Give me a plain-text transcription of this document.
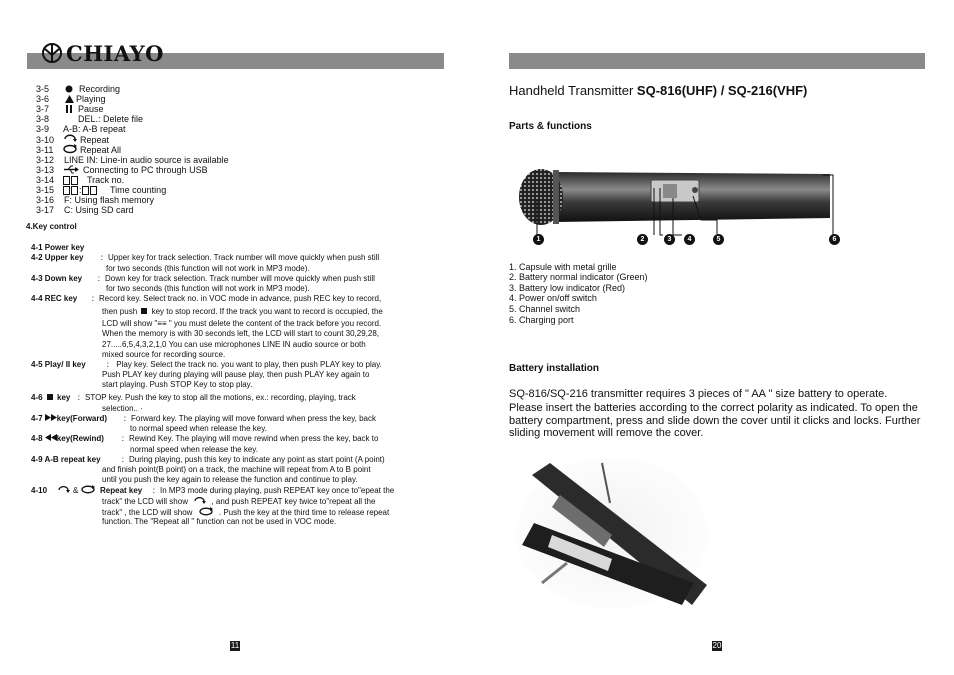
CHIAYO
3-5	Recording
3-6	Playing
3-7	Pause
3-8	DEL.: Delete file
3-9 A-B: A-B repeat
3-10	Repeat
3-11	Repeat All
3-12 LINE IN: Line-in audio source is available
3-13	Connecting to PC through USB
3-14	Track no.
3-15	:	Time counting
3-16 F: Using flash memory
3-17 C: Using SD card
4.Key control
4-1 Power key
4-2 Upper key ：Upper key for track selection. Track number will move quickly when push still
for two seconds (this function will not work in MP3 mode).
4-3 Down key ：Down key for track selection. Track number will move quickly when push still
for two seconds (this function will not work in MP3 mode).
4-4 REC key ：Record key. Select track no. in VOC mode in advance, push REC key to record,
then push key to stop record. If the track you want to record is occupied, the
LCD will show "≡≡ " you must delete the content of the track before you record.
When the memory is with 30 seconds left, the LCD will start to count 30,29,28,
27.....6,5,4,3,2,1,0 You can use microphones LINE IN audio source or both
mixed source for recording source.
4-5 Play/ II key	： Play key. Select the track no. you want to play, then push PLAY key to play.
Push PLAY key during playing will pause play, then push PLAY key again to
start playing. Push STOP Key to stop play.
4-6 key ：STOP key. Push the key to stop all the motions, ex.: recording, playing, track
selection.. ·
4-7 key(Forward) ：Forward key. The playing will move forward when press the key, back
to normal speed when release the key.
4-8 key(Rewind) ：Rewind Key. The playing will move rewind when press the key, back to
normal speed when release the key.
4-9 A-B repeat key	：During playing, push this key to indicate any point as start point (A point)
and finish point(B point) on a track, the machine will repeat from A to B point
until you push the key again to release the function and continue to play.
4-10	&	Repeat key ：In MP3 mode during playing, push REPEAT key once to"epeat the
track" the LCD will show	, and push REPEAT key twice to"repeat all the
track" , the LCD will show	. Push the key at the third time to release repeat
function. The "Repeat all " function can not be used in VOC mode.
11
Handheld Transmitter SQ-816(UHF) / SQ-216(VHF)
Parts & functions
1	2	3	4	5	6
1. Capsule with metal grille
2. Battery normal indicator (Green)
3. Battery low indicator (Red)
4. Power on/off switch
5. Channel switch
6. Charging port
Battery installation
SQ-816/SQ-216 transmitter requires 3 pieces of " AA " size battery to operate.
Please insert the batteries according to the correct polarity as indicated. To open the
battery compartment, press and slide down the cover until it clicks and locks. Further
sliding movement will remove the cover.
20
